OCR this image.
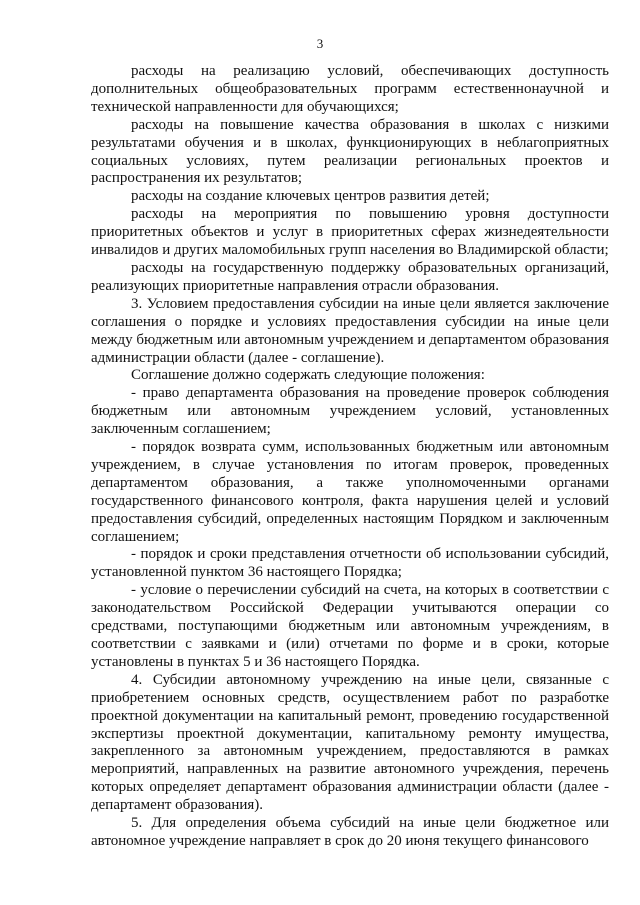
3

расходы на реализацию условий, обеспечивающих доступность дополнительных общеобразовательных программ естественнонаучной и технической направленности для обучающихся;

расходы на повышение качества образования в школах с низкими результатами обучения и в школах, функционирующих в неблагоприятных социальных условиях, путем реализации региональных проектов и распространения их результатов;

расходы на создание ключевых центров развития детей;

расходы на мероприятия по повышению уровня доступности приоритетных объектов и услуг в приоритетных сферах жизнедеятельности инвалидов и других маломобильных групп населения во Владимирской области;

расходы на государственную поддержку образовательных организаций, реализующих приоритетные направления отрасли образования.

3. Условием предоставления субсидии на иные цели является заключение соглашения о порядке и условиях предоставления субсидии на иные цели между бюджетным или автономным учреждением и департаментом образования администрации области (далее - соглашение).

Соглашение должно содержать следующие положения:

- право департамента образования на проведение проверок соблюдения бюджетным или автономным учреждением условий, установленных заключенным соглашением;

- порядок возврата сумм, использованных бюджетным или автономным учреждением, в случае установления по итогам проверок, проведенных департаментом образования, а также уполномоченными органами государственного финансового контроля, факта нарушения целей и условий предоставления субсидий, определенных настоящим Порядком и заключенным соглашением;

- порядок и сроки представления отчетности об использовании субсидий, установленной пунктом 36 настоящего Порядка;

- условие о перечислении субсидий на счета, на которых в соответствии с законодательством Российской Федерации учитываются операции со средствами, поступающими бюджетным или автономным учреждениям, в соответствии с заявками и (или) отчетами по форме и в сроки, которые установлены в пунктах 5 и 36 настоящего Порядка.

4. Субсидии автономному учреждению на иные цели, связанные с приобретением основных средств, осуществлением работ по разработке проектной документации на капитальный ремонт, проведению государственной экспертизы проектной документации, капитальному ремонту имущества, закрепленного за автономным учреждением, предоставляются в рамках мероприятий, направленных на развитие автономного учреждения, перечень которых определяет департамент образования администрации области (далее - департамент образования).

5. Для определения объема субсидий на иные цели бюджетное или автономное учреждение направляет в срок до 20 июня текущего финансового
